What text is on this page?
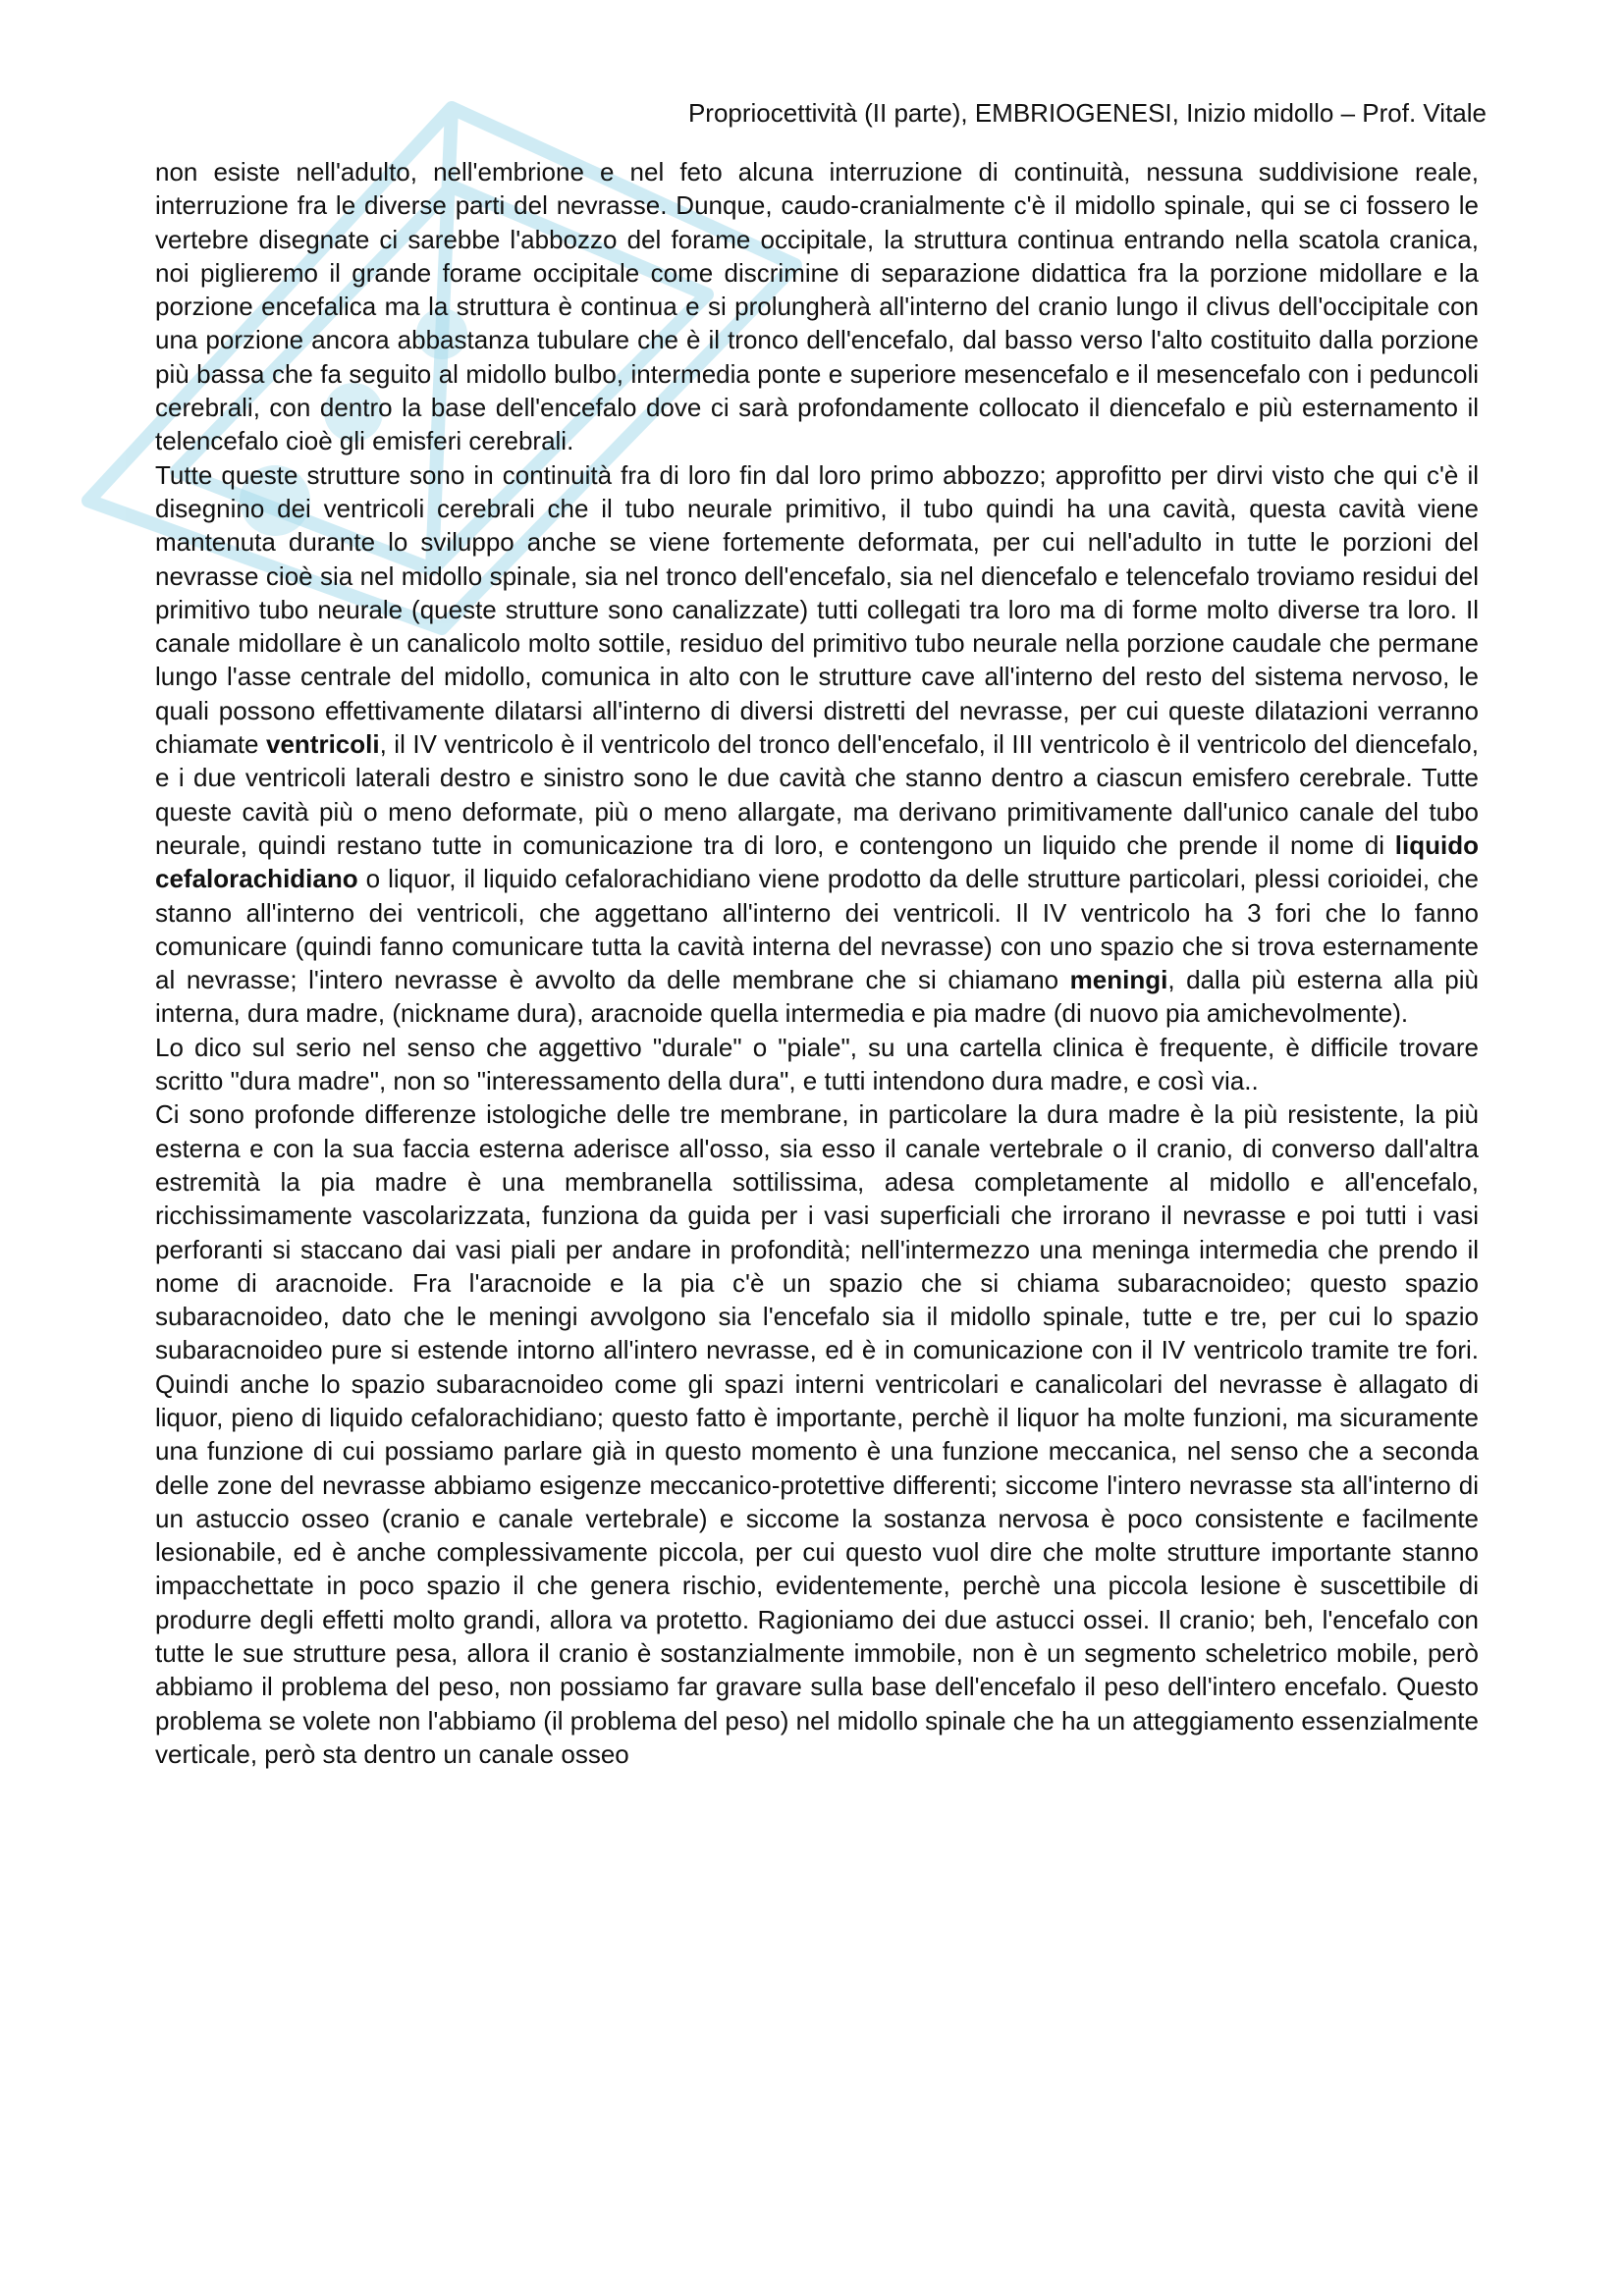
Propriocettività (II parte), EMBRIOGENESI, Inizio midollo – Prof. Vitale

non esiste nell'adulto, nell'embrione e nel feto alcuna interruzione di continuità, nessuna suddivisione reale, interruzione fra le diverse parti del nevrasse. Dunque, caudo-cranialmente c'è il midollo spinale, qui se ci fossero le vertebre disegnate ci sarebbe l'abbozzo del forame occipitale, la struttura continua entrando nella scatola cranica, noi piglieremo il grande forame occipitale come discrimine di separazione didattica fra la porzione midollare e la porzione encefalica ma la struttura è continua e si prolungherà all'interno del cranio lungo il clivus dell'occipitale con una porzione ancora abbastanza tubulare che è il tronco dell'encefalo, dal basso verso l'alto costituito dalla porzione più bassa che fa seguito al midollo bulbo, intermedia ponte e superiore mesencefalo e il mesencefalo con i peduncoli cerebrali, con dentro la base dell'encefalo dove ci sarà profondamente collocato il diencefalo e più esternamento il telencefalo cioè gli emisferi cerebrali.

Tutte queste strutture sono in continuità fra di loro fin dal loro primo abbozzo; approfitto per dirvi visto che qui c'è il disegnino dei ventricoli cerebrali che il tubo neurale primitivo, il tubo quindi ha una cavità, questa cavità viene mantenuta durante lo sviluppo anche se viene fortemente deformata, per cui nell'adulto in tutte le porzioni del nevrasse cioè sia nel midollo spinale, sia nel tronco dell'encefalo, sia nel diencefalo e telencefalo troviamo residui del primitivo tubo neurale (queste strutture sono canalizzate) tutti collegati tra loro ma di forme molto diverse tra loro. Il canale midollare è un canalicolo molto sottile, residuo del primitivo tubo neurale nella porzione caudale che permane lungo l'asse centrale del midollo, comunica in alto con le strutture cave all'interno del resto del sistema nervoso, le quali possono effettivamente dilatarsi all'interno di diversi distretti del nevrasse, per cui queste dilatazioni verranno chiamate ventricoli, il IV ventricolo è il ventricolo del tronco dell'encefalo, il III ventricolo è il ventricolo del diencefalo, e i due ventricoli laterali destro e sinistro sono le due cavità che stanno dentro a ciascun emisfero cerebrale. Tutte queste cavità più o meno deformate, più o meno allargate, ma derivano primitivamente dall'unico canale del tubo neurale, quindi restano tutte in comunicazione tra di loro, e contengono un liquido che prende il nome di liquido cefalorachidiano o liquor, il liquido cefalorachidiano viene prodotto da delle strutture particolari, plessi corioidei, che stanno all'interno dei ventricoli, che aggettano all'interno dei ventricoli. Il IV ventricolo ha 3 fori che lo fanno comunicare (quindi fanno comunicare tutta la cavità interna del nevrasse) con uno spazio che si trova esternamente al nevrasse; l'intero nevrasse è avvolto da delle membrane che si chiamano meningi, dalla più esterna alla più interna, dura madre, (nickname dura), aracnoide quella intermedia e pia madre (di nuovo pia amichevolmente).

Lo dico sul serio nel senso che aggettivo "durale" o "piale", su una cartella clinica è frequente, è difficile trovare scritto "dura madre", non so "interessamento della dura", e tutti intendono dura madre, e così via..

Ci sono profonde differenze istologiche delle tre membrane, in particolare la dura madre è la più resistente, la più esterna e con la sua faccia esterna aderisce all'osso, sia esso il canale vertebrale o il cranio, di converso dall'altra estremità la pia madre è una membranella sottilissima, adesa completamente al midollo e all'encefalo, ricchissimamente vascolarizzata, funziona da guida per i vasi superficiali che irrorano il nevrasse e poi tutti i vasi perforanti si staccano dai vasi piali per andare in profondità; nell'intermezzo una meninga intermedia che prendo il nome di aracnoide. Fra l'aracnoide e la pia c'è un spazio che si chiama subaracnoideo; questo spazio subaracnoideo, dato che le meningi avvolgono sia l'encefalo sia il midollo spinale, tutte e tre, per cui lo spazio subaracnoideo pure si estende intorno all'intero nevrasse, ed è in comunicazione con il IV ventricolo tramite tre fori. Quindi anche lo spazio subaracnoideo come gli spazi interni ventricolari e canalicolari del nevrasse è allagato di liquor, pieno di liquido cefalorachidiano; questo fatto è importante, perchè il liquor ha molte funzioni, ma sicuramente una funzione di cui possiamo parlare già in questo momento è una funzione meccanica, nel senso che a seconda delle zone del nevrasse abbiamo esigenze meccanico-protettive differenti; siccome l'intero nevrasse sta all'interno di un astuccio osseo (cranio e canale vertebrale) e siccome la sostanza nervosa è poco consistente e facilmente lesionabile, ed è anche complessivamente piccola, per cui questo vuol dire che molte strutture importante stanno impacchettate in poco spazio il che genera rischio, evidentemente, perchè una piccola lesione è suscettibile di produrre degli effetti molto grandi, allora va protetto. Ragioniamo dei due astucci ossei. Il cranio; beh, l'encefalo con tutte le sue strutture pesa, allora il cranio è sostanzialmente immobile, non è un segmento scheletrico mobile, però abbiamo il problema del peso, non possiamo far gravare sulla base dell'encefalo il peso dell'intero encefalo. Questo problema se volete non l'abbiamo (il problema del peso) nel midollo spinale che ha un atteggiamento essenzialmente verticale, però sta dentro un canale osseo
